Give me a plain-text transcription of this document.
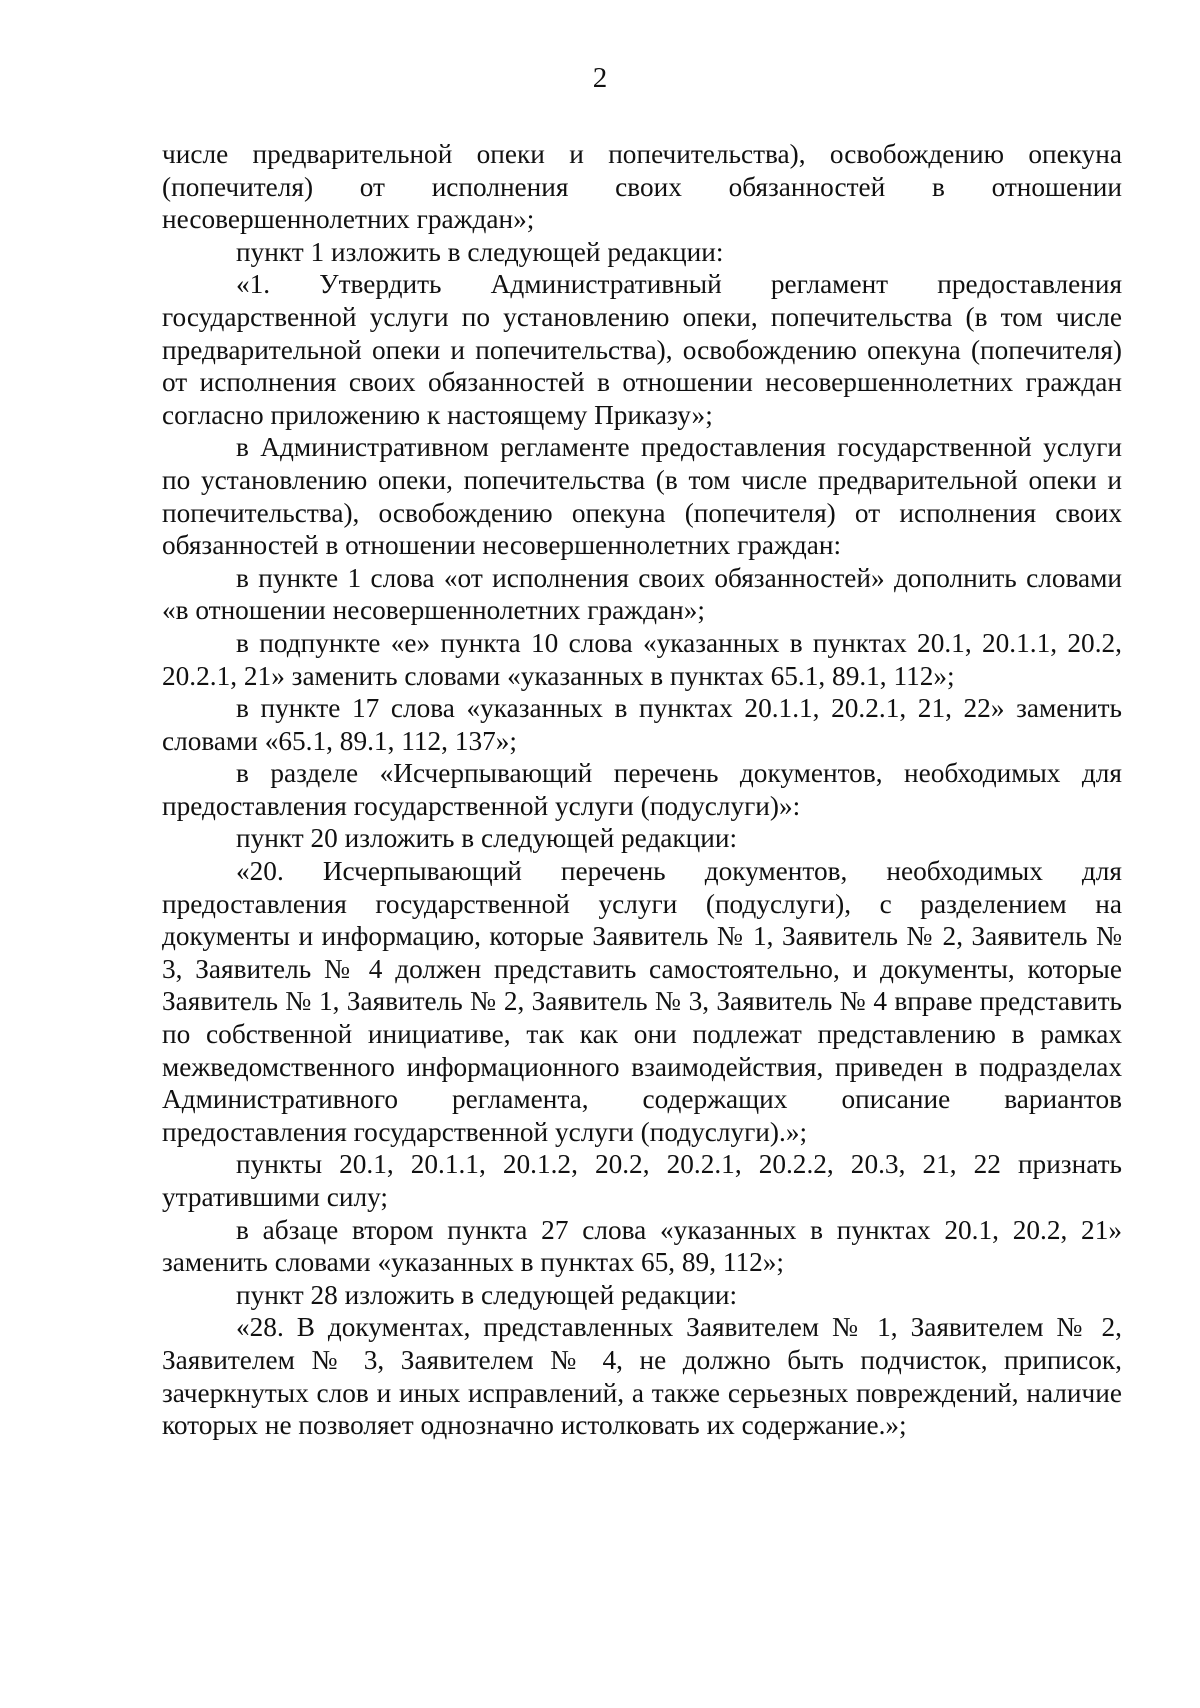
2

числе предварительной опеки и попечительства), освобождению опекуна (попечителя) от исполнения своих обязанностей в отношении несовершеннолетних граждан»;

пункт 1 изложить в следующей редакции:

«1. Утвердить Административный регламент предоставления государственной услуги по установлению опеки, попечительства (в том числе предварительной опеки и попечительства), освобождению опекуна (попечителя) от исполнения своих обязанностей в отношении несовершеннолетних граждан согласно приложению к настоящему Приказу»;

в Административном регламенте предоставления государственной услуги по установлению опеки, попечительства (в том числе предварительной опеки и попечительства), освобождению опекуна (попечителя) от исполнения своих обязанностей в отношении несовершеннолетних граждан:

в пункте 1 слова «от исполнения своих обязанностей» дополнить словами «в отношении несовершеннолетних граждан»;

в подпункте «е» пункта 10 слова «указанных в пунктах 20.1, 20.1.1, 20.2, 20.2.1, 21» заменить словами «указанных в пунктах 65.1, 89.1, 112»;

в пункте 17 слова «указанных в пунктах 20.1.1, 20.2.1, 21, 22» заменить словами «65.1, 89.1, 112, 137»;

в разделе «Исчерпывающий перечень документов, необходимых для предоставления государственной услуги (подуслуги)»:

пункт 20 изложить в следующей редакции:

«20. Исчерпывающий перечень документов, необходимых для предоставления государственной услуги (подуслуги), с разделением на документы и информацию, которые Заявитель № 1, Заявитель № 2, Заявитель № 3, Заявитель № 4 должен представить самостоятельно, и документы, которые Заявитель № 1, Заявитель № 2, Заявитель № 3, Заявитель № 4 вправе представить по собственной инициативе, так как они подлежат представлению в рамках межведомственного информационного взаимодействия, приведен в подразделах Административного регламента, содержащих описание вариантов предоставления государственной услуги (подуслуги).»;

пункты 20.1, 20.1.1, 20.1.2, 20.2, 20.2.1, 20.2.2, 20.3, 21, 22 признать утратившими силу;

в абзаце втором пункта 27 слова «указанных в пунктах 20.1, 20.2, 21» заменить словами «указанных в пунктах 65, 89, 112»;

пункт 28 изложить в следующей редакции:

«28. В документах, представленных Заявителем № 1, Заявителем № 2, Заявителем № 3, Заявителем № 4, не должно быть подчисток, приписок, зачеркнутых слов и иных исправлений, а также серьезных повреждений, наличие которых не позволяет однозначно истолковать их содержание.»;
